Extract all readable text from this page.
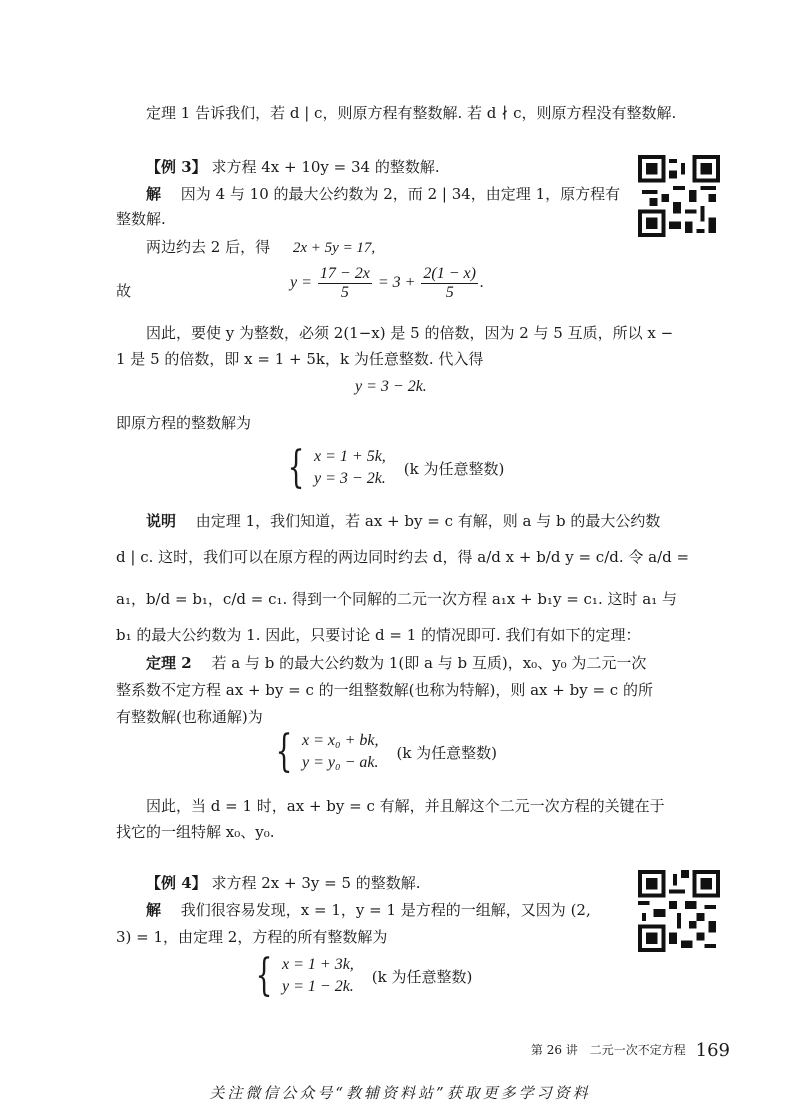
定理 1 告诉我们，若 d | c，则原方程有整数解. 若 d ∤ c，则原方程没有整数解.
【例 3】 求方程 4x + 10y = 34 的整数解.
解　 因为 4 与 10 的最大公约数为 2，而 2 | 34，由定理 1，原方程有
整数解.
两边约去 2 后，得 2x + 5y = 17,
故	$y = \frac{17 - 2x}{5} = 3 + \frac{2(1 - x)}{5}$ .
因此，要使 y 为整数，必须 2(1−x) 是 5 的倍数，因为 2 与 5 互质，所以 x −
1 是 5 的倍数，即 x = 1 + 5k，k 为任意整数. 代入得
y = 3 − 2k.
即原方程的整数解为
{ x = 1 + 5k,
y = 3 − 2k.
(k 为任意整数)
说明　 由定理 1，我们知道，若 ax + by = c 有解，则 a 与 b 的最大公约数
d | c. 这时，我们可以在原方程的两边同时约去 d，得 a/d x + b/d y = c/d. 令 a/d =
a₁，b/d = b₁，c/d = c₁. 得到一个同解的二元一次方程 a₁x + b₁y = c₁. 这时 a₁ 与
b₁ 的最大公约数为 1. 因此，只要讨论 d = 1 的情况即可. 我们有如下的定理：
定理 2　 若 a 与 b 的最大公约数为 1(即 a 与 b 互质)，x₀、y₀ 为二元一次
整系数不定方程 ax + by = c 的一组整数解(也称为特解)，则 ax + by = c 的所
有整数解(也称通解)为
{ x = x₀ + bk,
y = y₀ − ak.
(k 为任意整数)
因此，当 d = 1 时，ax + by = c 有解，并且解这个二元一次方程的关键在于
找它的一组特解 x₀、y₀.
【例 4】 求方程 2x + 3y = 5 的整数解.
解　 我们很容易发现，x = 1，y = 1 是方程的一组解，又因为 (2,
3) = 1，由定理 2，方程的所有整数解为
{ x = 1 + 3k,
y = 1 − 2k.
(k 为任意整数)
第 26 讲　二元一次不定方程 169
关注微信公众号“教辅资料站”获取更多学习资料
